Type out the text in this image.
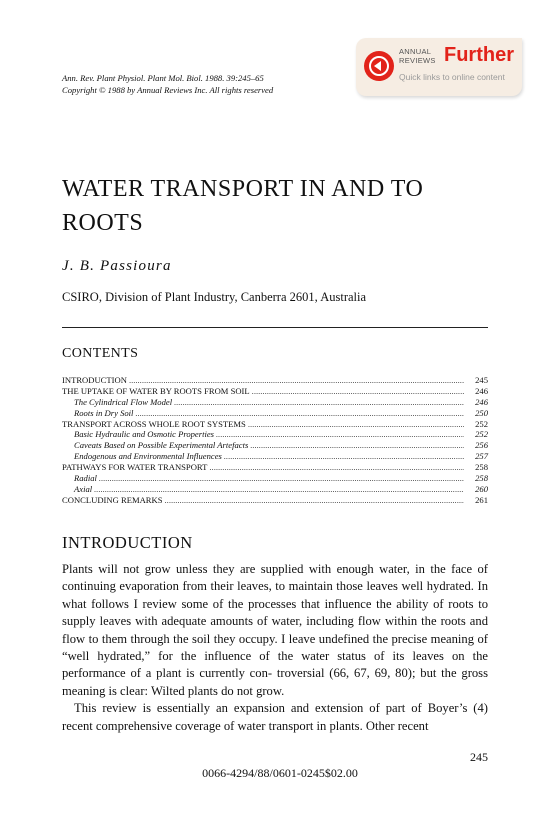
Ann. Rev. Plant Physiol. Plant Mol. Biol. 1988. 39:245–65
Copyright © 1988 by Annual Reviews Inc. All rights reserved
ANNUAL
REVIEWS Further
Quick links to online content
WATER TRANSPORT IN AND TO ROOTS
J. B. Passioura
CSIRO, Division of Plant Industry, Canberra 2601, Australia
CONTENTS
INTRODUCTION .....	245
THE UPTAKE OF WATER BY ROOTS FROM SOIL .....	246
The Cylindrical Flow Model .....	246
Roots in Dry Soil .....	250
TRANSPORT ACROSS WHOLE ROOT SYSTEMS .....	252
Basic Hydraulic and Osmotic Properties .....	252
Caveats Based on Possible Experimental Artefacts .....	256
Endogenous and Environmental Influences .....	257
PATHWAYS FOR WATER TRANSPORT .....	258
Radial .....	258
Axial .....	260
CONCLUDING REMARKS .....	261
INTRODUCTION

Plants will not grow unless they are supplied with enough water, in the face of continuing evaporation from their leaves, to maintain those leaves well hydrated. In what follows I review some of the processes that influence the ability of roots to supply leaves with adequate amounts of water, including flow within the roots and flow to them through the soil they occupy. I leave undefined the precise meaning of “well hydrated,” for the influence of the water status of its leaves on the performance of a plant is currently con- troversial (66, 67, 69, 80); but the gross meaning is clear: Wilted plants do not grow.

This review is essentially an expansion and extension of part of Boyer’s (4) recent comprehensive coverage of water transport in plants. Other recent

245
0066-4294/88/0601-0245$02.00
